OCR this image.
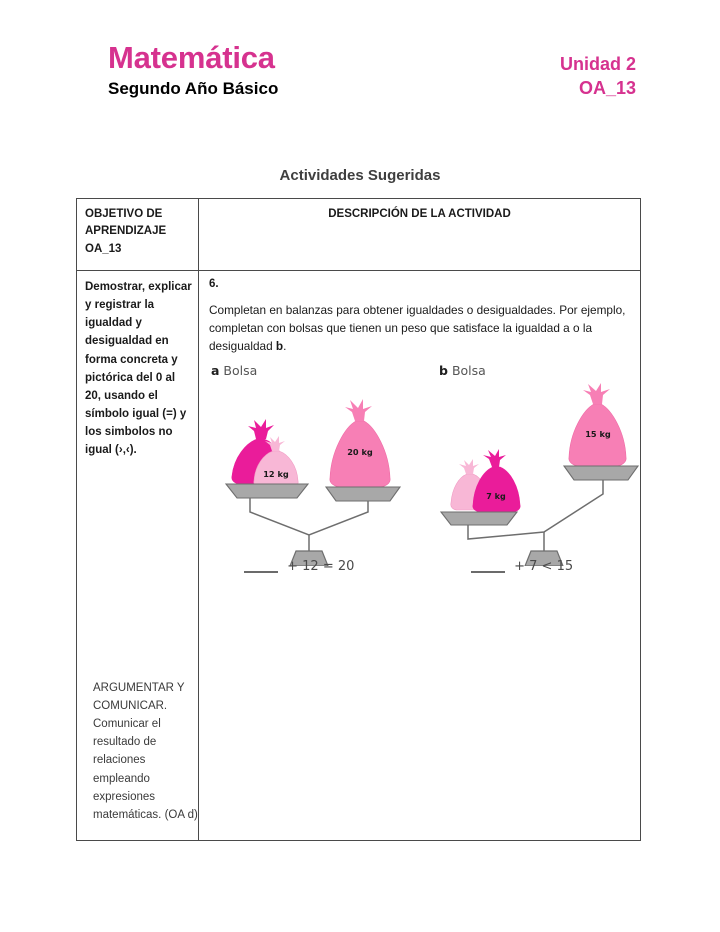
Matemática
Segundo Año Básico
Unidad 2
OA_13
Actividades Sugeridas
OBJETIVO DE
APRENDIZAJE
OA_13
DESCRIPCIÓN DE LA ACTIVIDAD
Demostrar, explicar y registrar la igualdad y desigualdad en forma concreta y pictórica del 0 al 20, usando el símbolo igual (=) y los simbolos no igual (›,‹).
ARGUMENTAR Y COMUNICAR. Comunicar el resultado de relaciones empleando expresiones matemáticas. (OA d)

6.

Completan en balanzas para obtener igualdades o desigualdades. Por ejemplo, completan con bolsas que tienen un peso que satisface la igualdad a o la desigualdad b.

a Bolsa	b Bolsa
12 kg
20 kg
7 kg
15 kg
+ 12 = 20	+ 7 < 15
